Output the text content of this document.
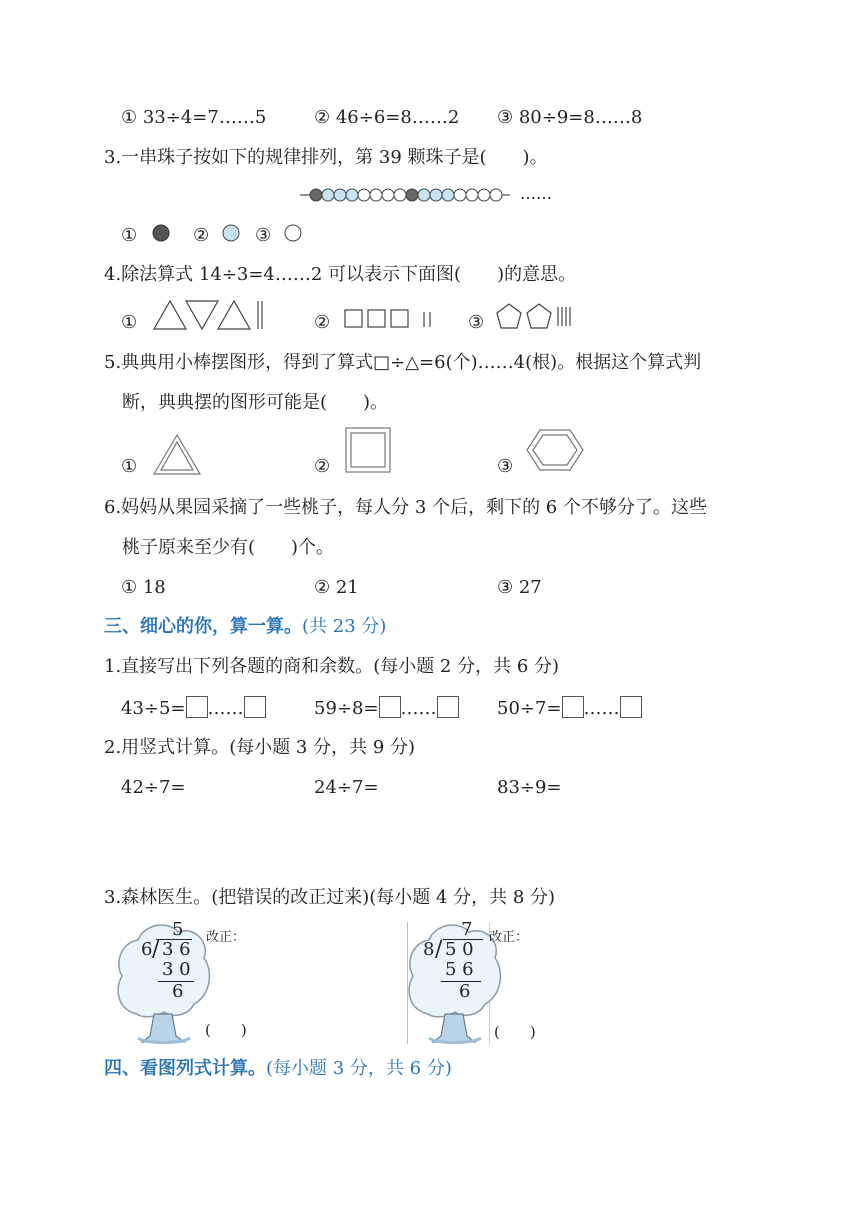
① 33÷4=7……5	② 46÷6=8……2 ③ 80÷9=8……8
3.一串珠子按如下的规律排列，第 39 颗珠子是(　　)。
……
①	②	③
4.除法算式 14÷3=4……2 可以表示下面图(　　)的意思。
①	②	③
5.典典用小棒摆图形，得到了算式□÷△=6(个)……4(根)。根据这个算式判
断，典典摆的图形可能是(　　)。
①	②	③
6.妈妈从果园采摘了一些桃子，每人分 3 个后，剩下的 6 个不够分了。这些
桃子原来至少有(　　)个。
① 18	② 21	③ 27
三、细心的你，算一算。(共 23 分)
1.直接写出下列各题的商和余数。(每小题 2 分，共 6 分)
43÷5= ……	59÷8= ……	50÷7= ……
2.用竖式计算。(每小题 3 分，共 9 分)
42÷7=	24÷7=	83÷9=
3.森林医生。(把错误的改正过来)(每小题 4 分，共 8 分)
5
6 / 3 6
3 0
6
改正：
(　　)
7
8 / 5 0
5 6
6
改正：
(　　)
四、看图列式计算。(每小题 3 分，共 6 分)
